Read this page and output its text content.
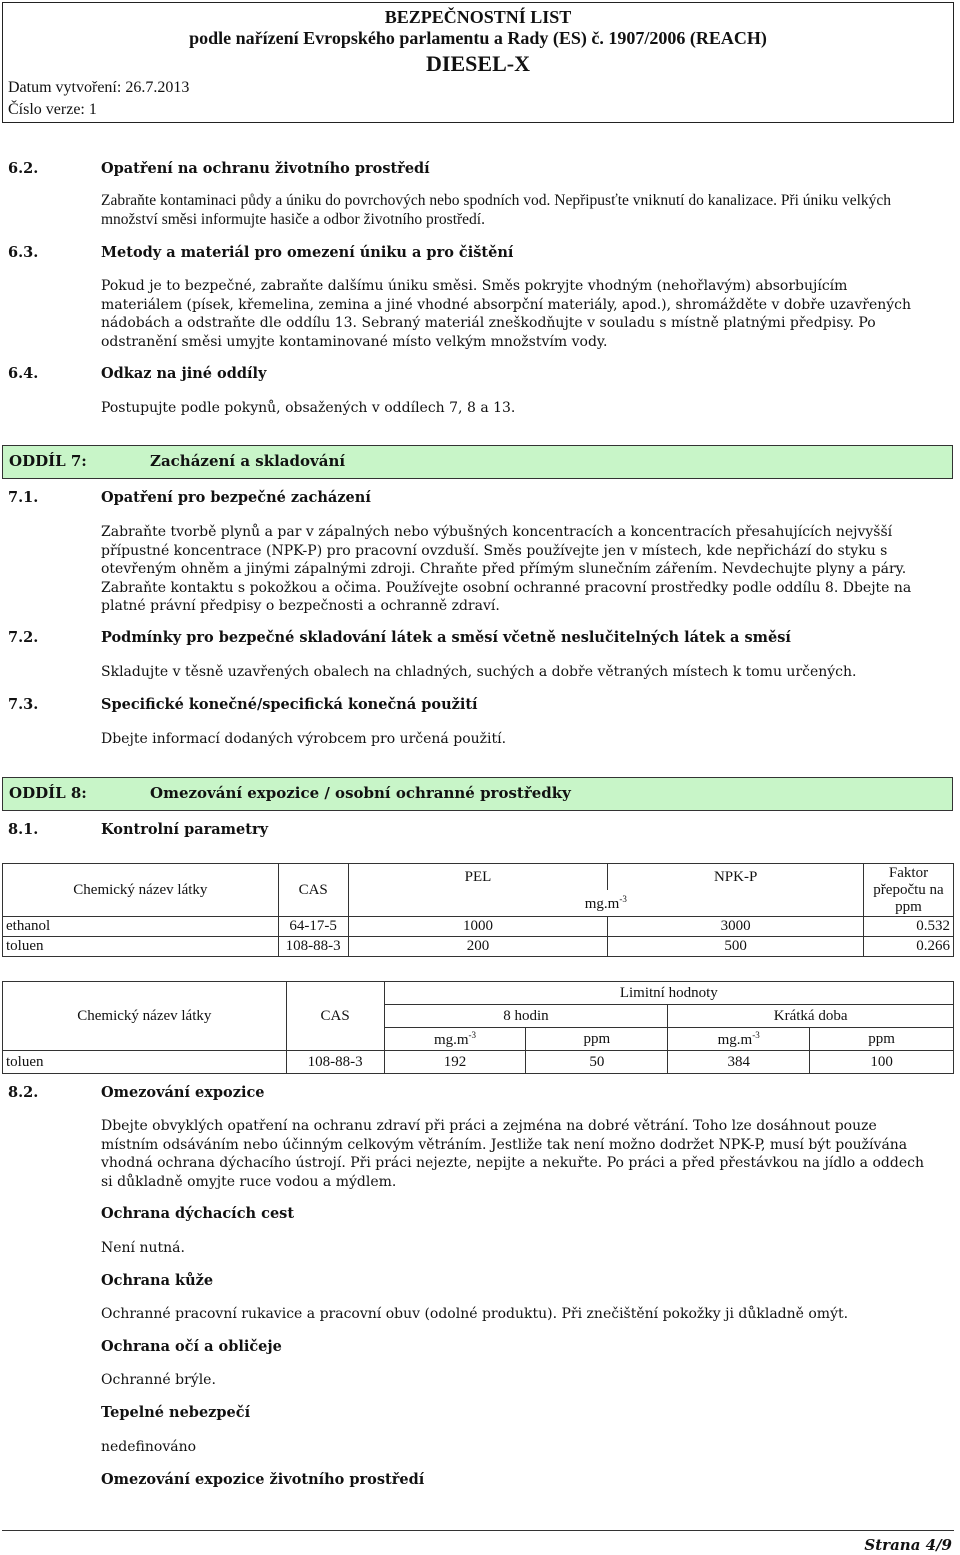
BEZPEČNOSTNÍ LIST
podle nařízení Evropského parlamentu a Rady (ES) č. 1907/2006 (REACH)
DIESEL-X
Datum vytvoření: 26.7.2013
Číslo verze: 1
6.2.	Opatření na ochranu životního prostředí
Zabraňte kontaminaci půdy a úniku do povrchových nebo spodních vod. Nepřipusťte vniknutí do kanalizace. Při úniku velkých množství směsi informujte hasiče a odbor životního prostředí.
6.3.	Metody a materiál pro omezení úniku a pro čištění
Pokud je to bezpečné, zabraňte dalšímu úniku směsi. Směs pokryjte vhodným (nehořlavým) absorbujícím materiálem (písek, křemelina, zemina a jiné vhodné absorpční materiály, apod.), shromážděte v dobře uzavřených nádobách a odstraňte dle oddílu 13. Sebraný materiál zneškodňujte v souladu s místně platnými předpisy. Po odstranění směsi umyjte kontaminované místo velkým množstvím vody.
6.4.	Odkaz na jiné oddíly
Postupujte podle pokynů, obsažených v oddílech 7, 8 a 13.
ODDÍL 7:	Zacházení a skladování
7.1.	Opatření pro bezpečné zacházení
Zabraňte tvorbě plynů a par v zápalných nebo výbušných koncentracích a koncentracích přesahujících nejvyšší přípustné koncentrace (NPK-P) pro pracovní ovzduší. Směs používejte jen v místech, kde nepřichází do styku s otevřeným ohněm a jinými zápalnými zdroji. Chraňte před přímým slunečním zářením. Nevdechujte plyny a páry. Zabraňte kontaktu s pokožkou a očima. Používejte osobní ochranné pracovní prostředky podle oddílu 8. Dbejte na platné právní předpisy o bezpečnosti a ochranně zdraví.
7.2.	Podmínky pro bezpečné skladování látek a směsí včetně neslučitelných látek a směsí
Skladujte v těsně uzavřených obalech na chladných, suchých a dobře větraných místech k tomu určených.
7.3.	Specifické konečné/specifická konečná použití
Dbejte informací dodaných výrobcem pro určená použití.
ODDÍL 8:	Omezování expozice / osobní ochranné prostředky
8.1.	Kontrolní parametry
Chemický název látky	CAS	PEL	NPK-P	Faktor přepočtu na ppm
		$mg.m^{-3}$
ethanol	64-17-5	1000	3000	0.532
toluen	108-88-3	200	500	0.266
Chemický název látky	CAS	Limitní hodnoty			
		8 hodin		Krátká doba	
		$mg.m^{-3}$	ppm	$mg.m^{-3}$	ppm
toluen	108-88-3	192	50	384	100
8.2.	Omezování expozice
Dbejte obvyklých opatření na ochranu zdraví při práci a zejména na dobré větrání. Toho lze dosáhnout pouze místním odsáváním nebo účinným celkovým větráním. Jestliže tak není možno dodržet NPK-P, musí být používána vhodná ochrana dýchacího ústrojí. Při práci nejezte, nepijte a nekuřte. Po práci a před přestávkou na jídlo a oddech si důkladně omyjte ruce vodou a mýdlem.
Ochrana dýchacích cest
Není nutná.
Ochrana kůže
Ochranné pracovní rukavice a pracovní obuv (odolné produktu). Při znečištění pokožky ji důkladně omýt.
Ochrana očí a obličeje
Ochranné brýle.
Tepelné nebezpečí
nedefinováno
Omezování expozice životního prostředí
Strana 4/9
